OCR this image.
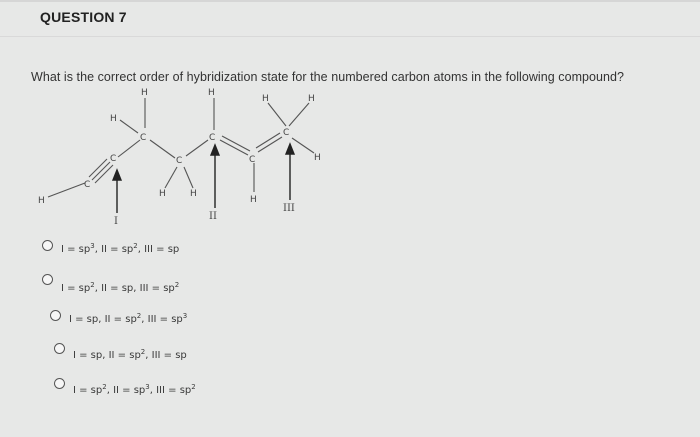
QUESTION 7
What is the correct order of hybridization state for the numbered carbon atoms in the following compound?
H
C
C
C
H
H
C
H	H
H
C
C
H
C
H	H
H
I	II
III
$I = sp^3$, II = $sp^2$, III = sp
$I = sp^2$, II = sp, III = $sp^2$
I = sp, II = $sp^2$, III = $sp^3$
I = sp, II = $sp^2$, III = sp
$I = sp^2$, II = $sp^3$, III = $sp^2$
